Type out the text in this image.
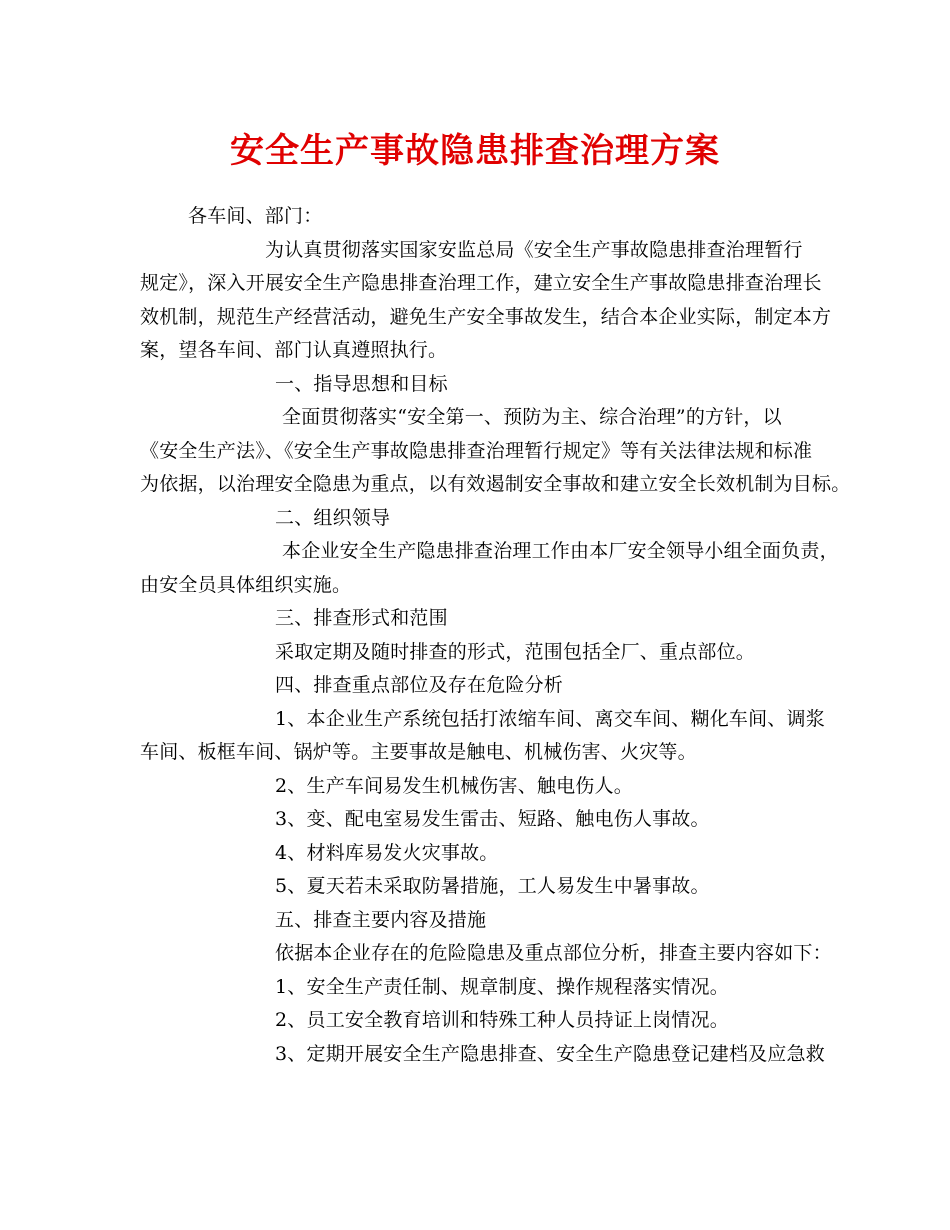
安全生产事故隐患排查治理方案
各车间、部门：
为认真贯彻落实国家安监总局《安全生产事故隐患排查治理暂行
规定》，深入开展安全生产隐患排查治理工作，建立安全生产事故隐患排查治理长
效机制，规范生产经营活动，避免生产安全事故发生，结合本企业实际，制定本方
案，望各车间、部门认真遵照执行。
一、指导思想和目标
全面贯彻落实“安全第一、预防为主、综合治理”的方针，以
《安全生产法》、《安全生产事故隐患排查治理暂行规定》等有关法律法规和标准
为依据，以治理安全隐患为重点，以有效遏制安全事故和建立安全长效机制为目标。
二、组织领导
本企业安全生产隐患排查治理工作由本厂安全领导小组全面负责，
由安全员具体组织实施。
三、排查形式和范围
采取定期及随时排查的形式，范围包括全厂、重点部位。
四、排查重点部位及存在危险分析
1、本企业生产系统包括打浓缩车间、离交车间、糊化车间、调浆
车间、板框车间、锅炉等。主要事故是触电、机械伤害、火灾等。
2、生产车间易发生机械伤害、触电伤人。
3、变、配电室易发生雷击、短路、触电伤人事故。
4、材料库易发火灾事故。
5、夏天若未采取防暑措施，工人易发生中暑事故。
五、排查主要内容及措施
依据本企业存在的危险隐患及重点部位分析，排查主要内容如下：
1、安全生产责任制、规章制度、操作规程落实情况。
2、员工安全教育培训和特殊工种人员持证上岗情况。
3、定期开展安全生产隐患排查、安全生产隐患登记建档及应急救
